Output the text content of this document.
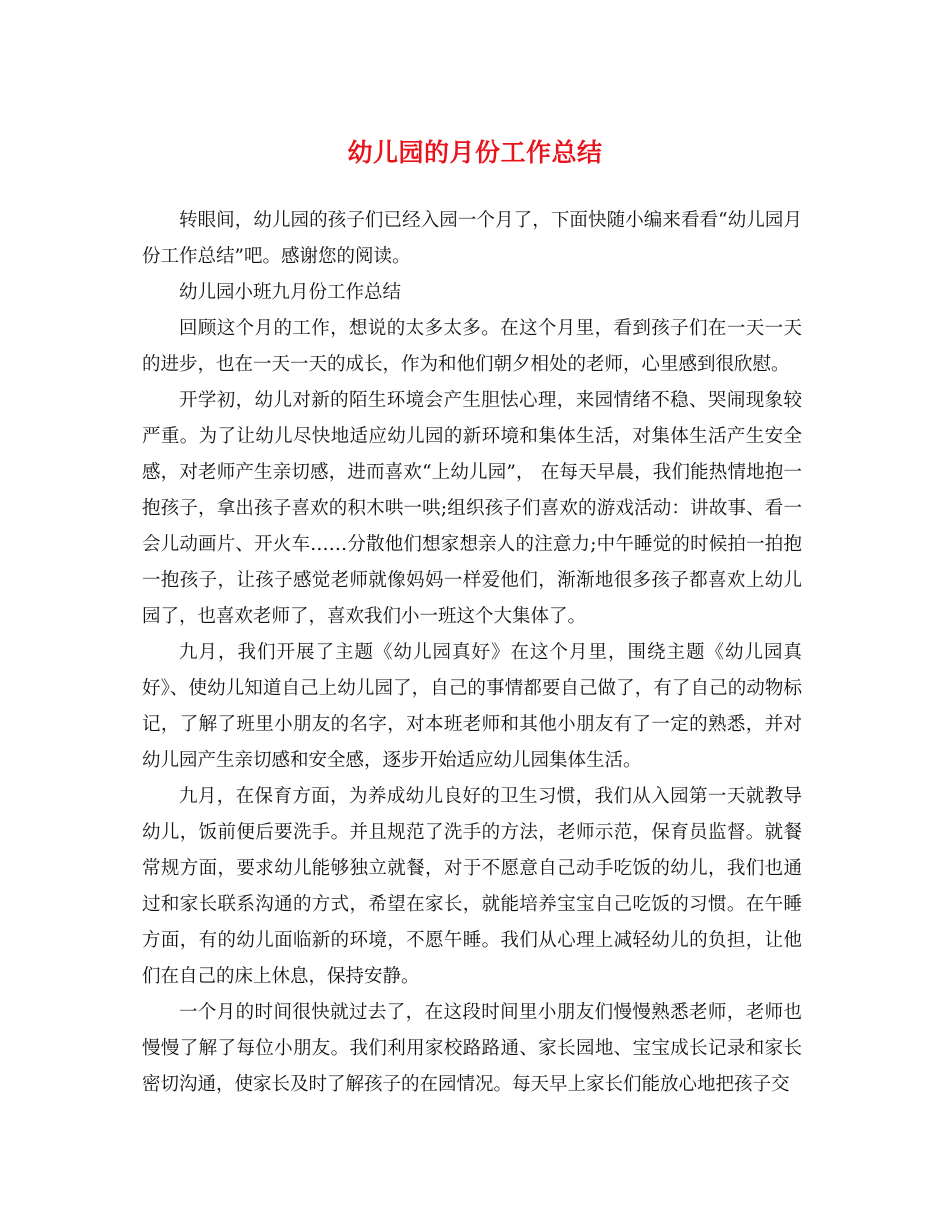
幼儿园的月份工作总结

转眼间，幼儿园的孩子们已经入园一个月了，下面快随小编来看看“幼儿园月份工作总结”吧。感谢您的阅读。

幼儿园小班九月份工作总结

回顾这个月的工作，想说的太多太多。在这个月里，看到孩子们在一天一天的进步，也在一天一天的成长，作为和他们朝夕相处的老师，心里感到很欣慰。

开学初，幼儿对新的陌生环境会产生胆怯心理，来园情绪不稳、哭闹现象较严重。为了让幼儿尽快地适应幼儿园的新环境和集体生活，对集体生活产生安全感，对老师产生亲切感，进而喜欢“上幼儿园”， 在每天早晨，我们能热情地抱一抱孩子，拿出孩子喜欢的积木哄一哄;组织孩子们喜欢的游戏活动：讲故事、看一会儿动画片、开火车……分散他们想家想亲人的注意力;中午睡觉的时候拍一拍抱一抱孩子，让孩子感觉老师就像妈妈一样爱他们，渐渐地很多孩子都喜欢上幼儿园了，也喜欢老师了，喜欢我们小一班这个大集体了。

九月，我们开展了主题《幼儿园真好》在这个月里，围绕主题《幼儿园真好》、使幼儿知道自己上幼儿园了，自己的事情都要自己做了，有了自己的动物标记，了解了班里小朋友的名字，对本班老师和其他小朋友有了一定的熟悉，并对幼儿园产生亲切感和安全感，逐步开始适应幼儿园集体生活。

九月，在保育方面，为养成幼儿良好的卫生习惯，我们从入园第一天就教导幼儿，饭前便后要洗手。并且规范了洗手的方法，老师示范，保育员监督。就餐常规方面，要求幼儿能够独立就餐，对于不愿意自己动手吃饭的幼儿，我们也通过和家长联系沟通的方式，希望在家长，就能培养宝宝自己吃饭的习惯。在午睡方面，有的幼儿面临新的环境，不愿午睡。我们从心理上减轻幼儿的负担，让他们在自己的床上休息，保持安静。

一个月的时间很快就过去了，在这段时间里小朋友们慢慢熟悉老师，老师也慢慢了解了每位小朋友。我们利用家校路路通、家长园地、宝宝成长记录和家长密切沟通，使家长及时了解孩子的在园情况。每天早上家长们能放心地把孩子交
